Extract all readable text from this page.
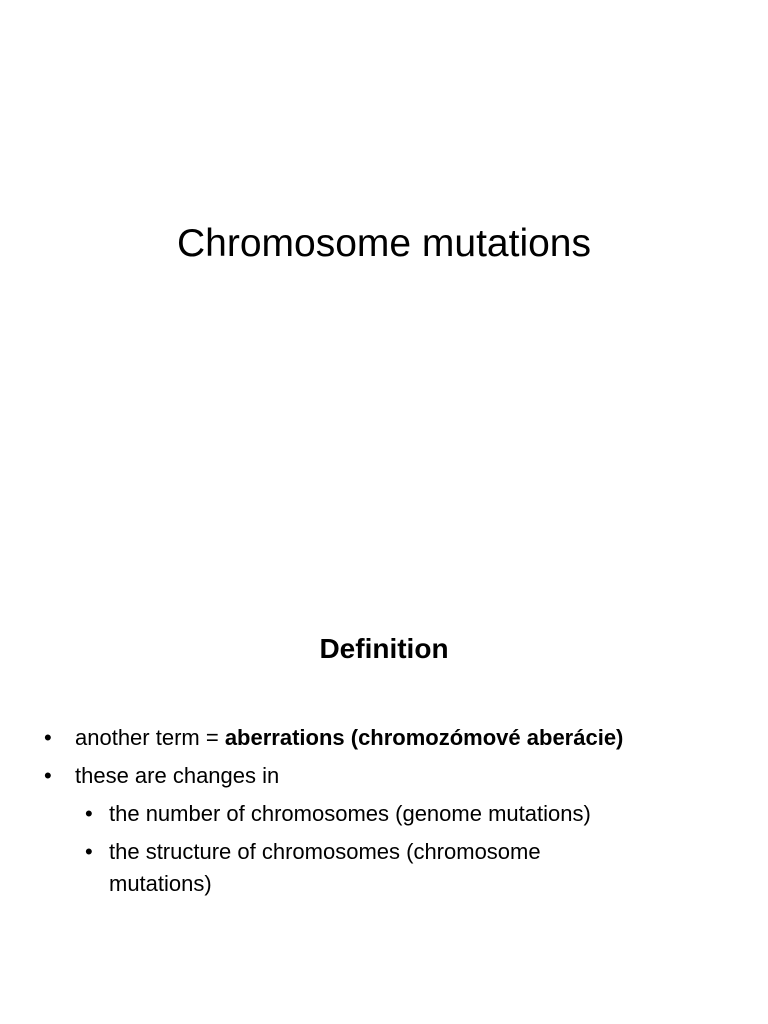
Chromosome mutations
Definition
• another term = aberrations (chromozómové aberácie)
• these are changes in
• the number of chromosomes (genome mutations)
• the structure of chromosomes (chromosome
mutations)
